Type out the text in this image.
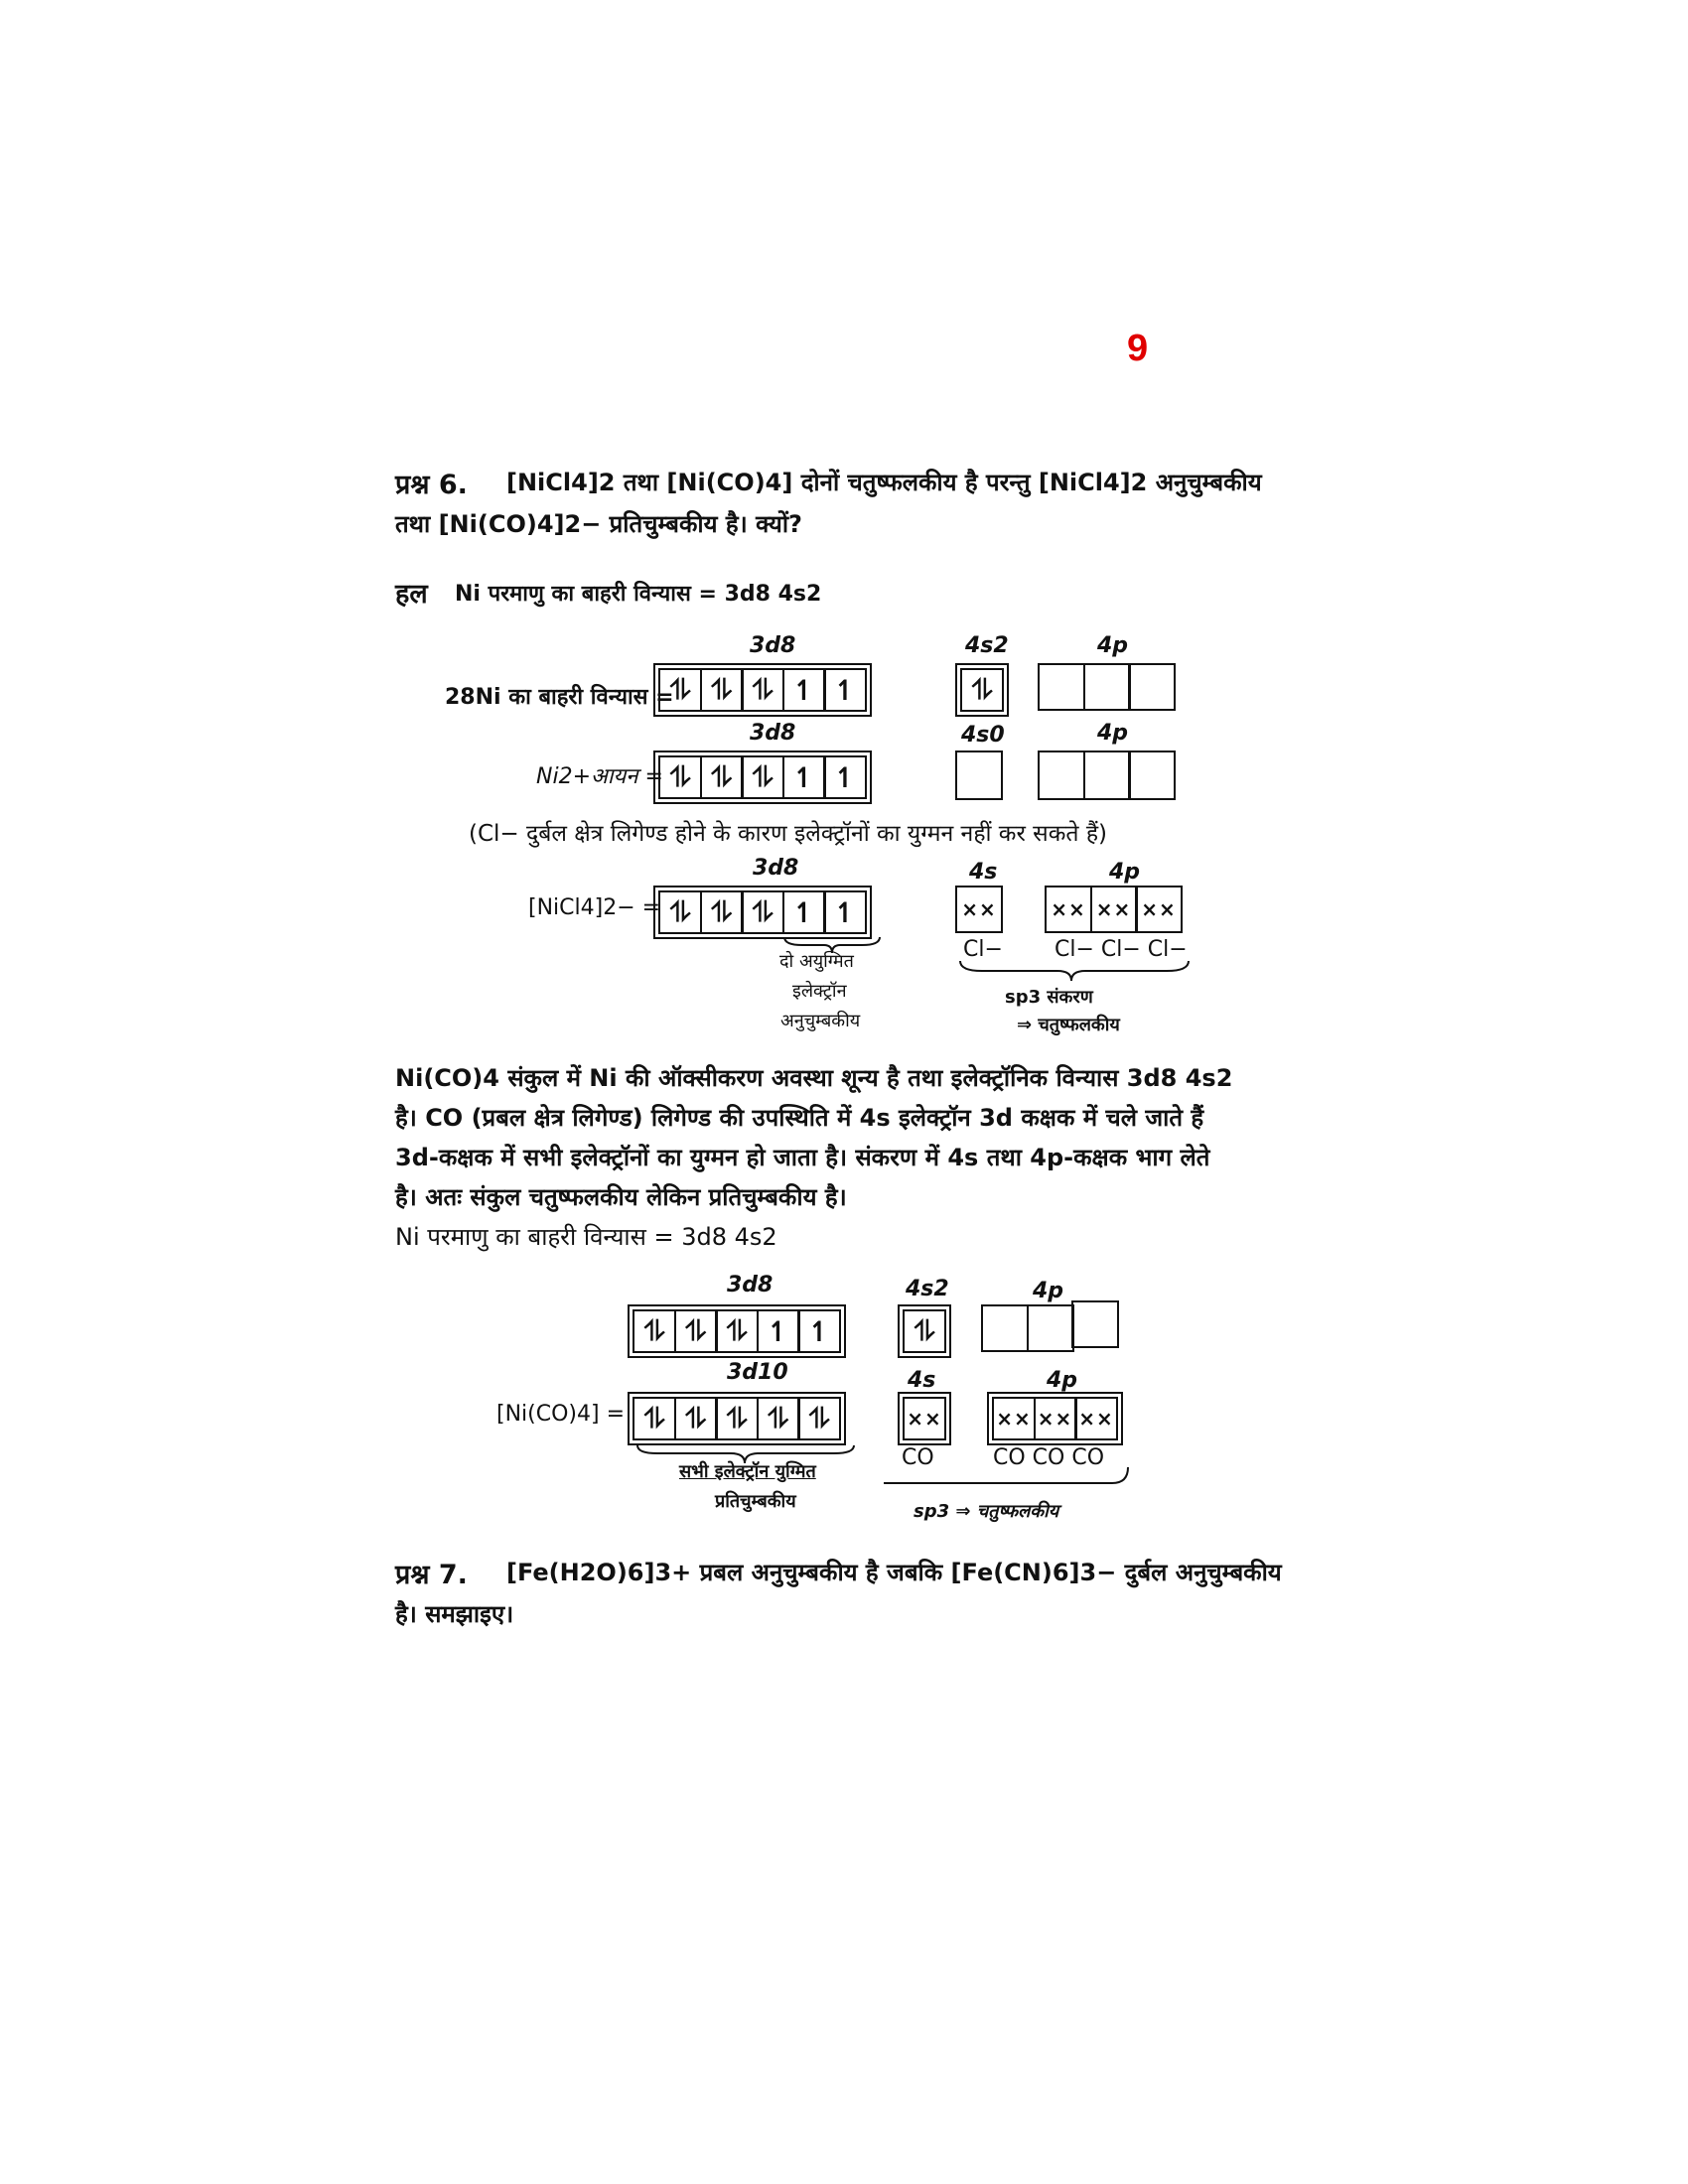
9
प्रश्न 6. [NiCl4]2 तथा [Ni(CO)4] दोनों चतुष्फलकीय है परन्तु [NiCl4]2 अनुचुम्बकीय
तथा [Ni(CO)4]2− प्रतिचुम्बकीय है। क्यों?
हल Ni परमाणु का बाहरी विन्यास = 3d8 4s2
3d8	4s2	4p
28Ni का बाहरी विन्यास =
⥮ ⥮ ⥮ ↿ ↿	⥮
3d8	4s0	4p
Ni2+आयन = ⥮ ⥮ ⥮ ↿ ↿
(Cl− दुर्बल क्षेत्र लिगेण्ड होने के कारण इलेक्ट्रॉनों का युग्मन नहीं कर सकते हैं)
3d8	4s	4p
[NiCl4]2− = ⥮ ⥮ ⥮ ↿ ↿	××	×× ×× ××
Cl− Cl− Cl− Cl−
दो अयुग्मित
इलेक्ट्रॉन
अनुचुम्बकीय
sp3 संकरण
⇒ चतुष्फलकीय
Ni(CO)4 संकुल में Ni की ऑक्सीकरण अवस्था शून्य है तथा इलेक्ट्रॉनिक विन्यास 3d8 4s2
है। CO (प्रबल क्षेत्र लिगेण्ड) लिगेण्ड की उपस्थिति में 4s इलेक्ट्रॉन 3d कक्षक में चले जाते हैं
3d-कक्षक में सभी इलेक्ट्रॉनों का युग्मन हो जाता है। संकरण में 4s तथा 4p-कक्षक भाग लेते
है। अतः संकुल चतुष्फलकीय लेकिन प्रतिचुम्बकीय है।
Ni परमाणु का बाहरी विन्यास = 3d8 4s2
3d8	4s2	4p
⥮ ⥮ ⥮ ↿ ↿	⥮
3d10	4s	4p
[Ni(CO)4] = ⥮ ⥮ ⥮ ⥮ ⥮	××	×× ×× ××
CO	CO CO CO
सभी इलेक्ट्रॉन युग्मित
प्रतिचुम्बकीय	sp3 ⇒ चतुष्फलकीय
प्रश्न 7. [Fe(H2O)6]3+ प्रबल अनुचुम्बकीय है जबकि [Fe(CN)6]3− दुर्बल अनुचुम्बकीय
है। समझाइए।
